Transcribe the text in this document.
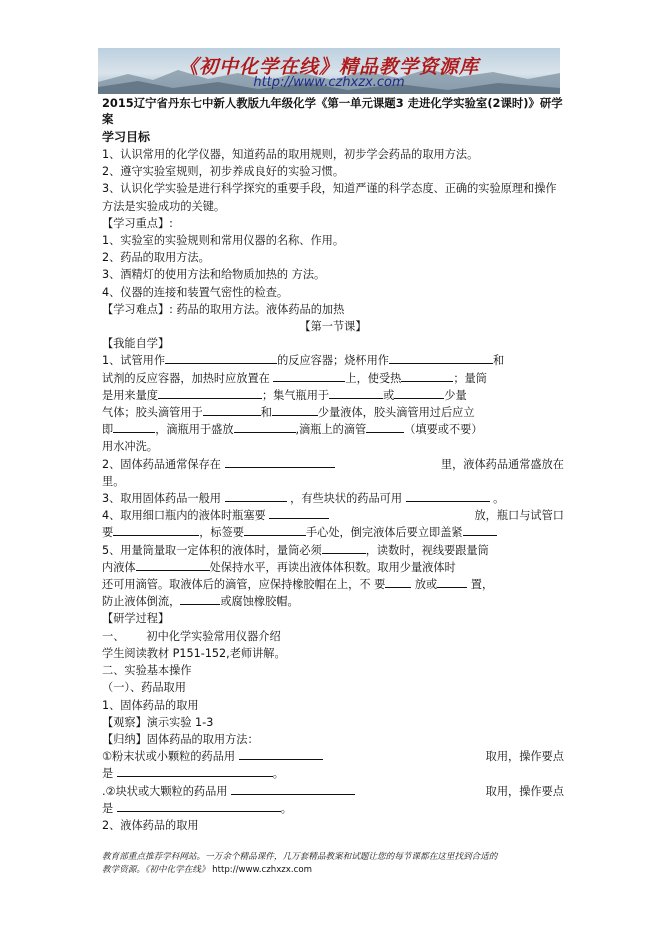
《初中化学在线》精品教学资源库
http://www.czhxzx.com

2015辽宁省丹东七中新人教版九年级化学《第一单元课题3 走进化学实验室(2课时)》研学案

学习目标
1、认识常用的化学仪器，知道药品的取用规则，初步学会药品的取用方法。
2、遵守实验室规则，初步养成良好的实验习惯。
3、认识化学实验是进行科学探究的重要手段，知道严谨的科学态度、正确的实验原理和操作方法是实验成功的关键。
【学习重点】:
1、实验室的实验规则和常用仪器的名称、作用。
2、药品的取用方法。
3、酒精灯的使用方法和给物质加热的 方法。
4、仪器的连接和装置气密性的检查。
【学习难点】: 药品的取用方法。液体药品的加热
【第一节课】
【我能自学】
1、试管用作	的反应容器；烧杯用作	和
试剂的反应容器，加热时应放置在	上，使受热	；量筒
是用来量度	；集气瓶用于	或	少量
气体；胶头滴管用于	和	少量液体，胶头滴管用过后应立
即	，滴瓶用于盛放	,滴瓶上的滴管	（填要或不要）
用水冲洗。
2、固体药品通常保存在	里，液体药品通常盛放在
里。
3、取用固体药品一般用	，有些块状的药品可用	。
4、取用细口瓶内的液体时瓶塞要	放，瓶口与试管口
要	，标签要	手心处，倒完液体后要立即盖紧
5、用量筒量取一定体积的液体时，量筒必须	，读数时，视线要跟量筒
内液体	处保持水平，再读出液体体积数。取用少量液体时
还可用滴管。取液体后的滴管，应保持橡胶帽在上，不 要	放或	置，
防止液体倒流，	或腐蚀橡胶帽。
【研学过程】
一、 初中化学实验常用仪器介绍
学生阅读教材 P151-152,老师讲解。
二、实验基本操作
（一）、药品取用
1、固体药品的取用
【观察】演示实验 1-3
【归纳】固体药品的取用方法：
①粉末状或小颗粒的药品用	取用，操作要点
是	。
.②块状或大颗粒的药品用	取用，操作要点
是	。
2、液体药品的取用
教育部重点推荐学科网站。一万余个精品课件，几万套精品教案和试题让您的每节课都在这里找到合适的
教学资源。《初中化学在线》 http://www.czhxzx.com
